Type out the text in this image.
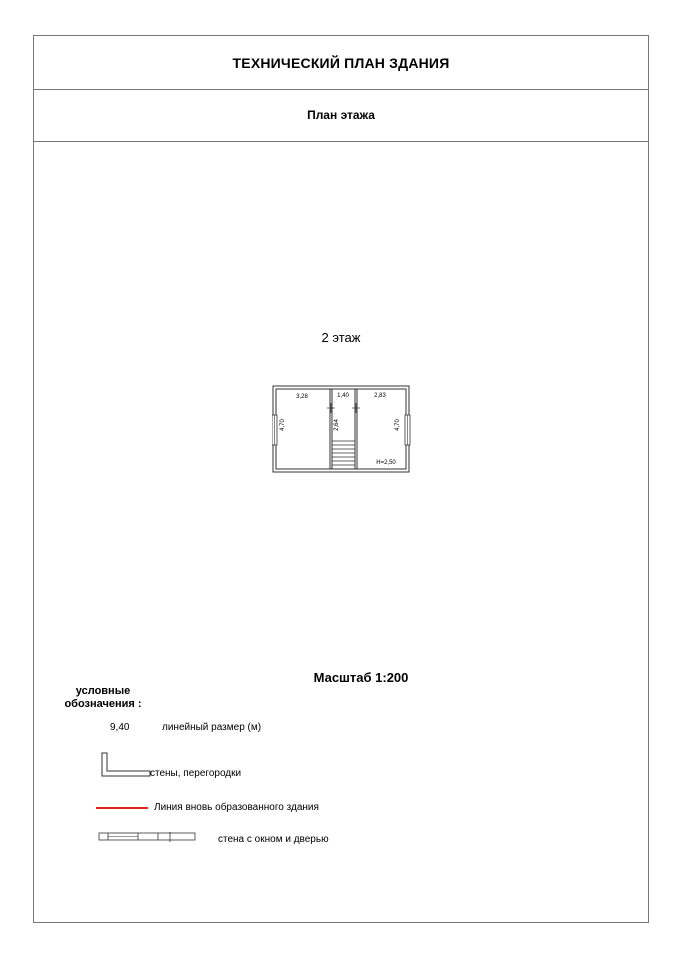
ТЕХНИЧЕСКИЙ ПЛАН ЗДАНИЯ
План этажа
2 этаж
3,28	1,40	2,83
4,70	2,64	4,70
H=2,50
Масштаб 1:200
условные обозначения :
9,40	линейный размер (м)
стены, перегородки
Линия вновь образованного здания
стена с окном и дверью
